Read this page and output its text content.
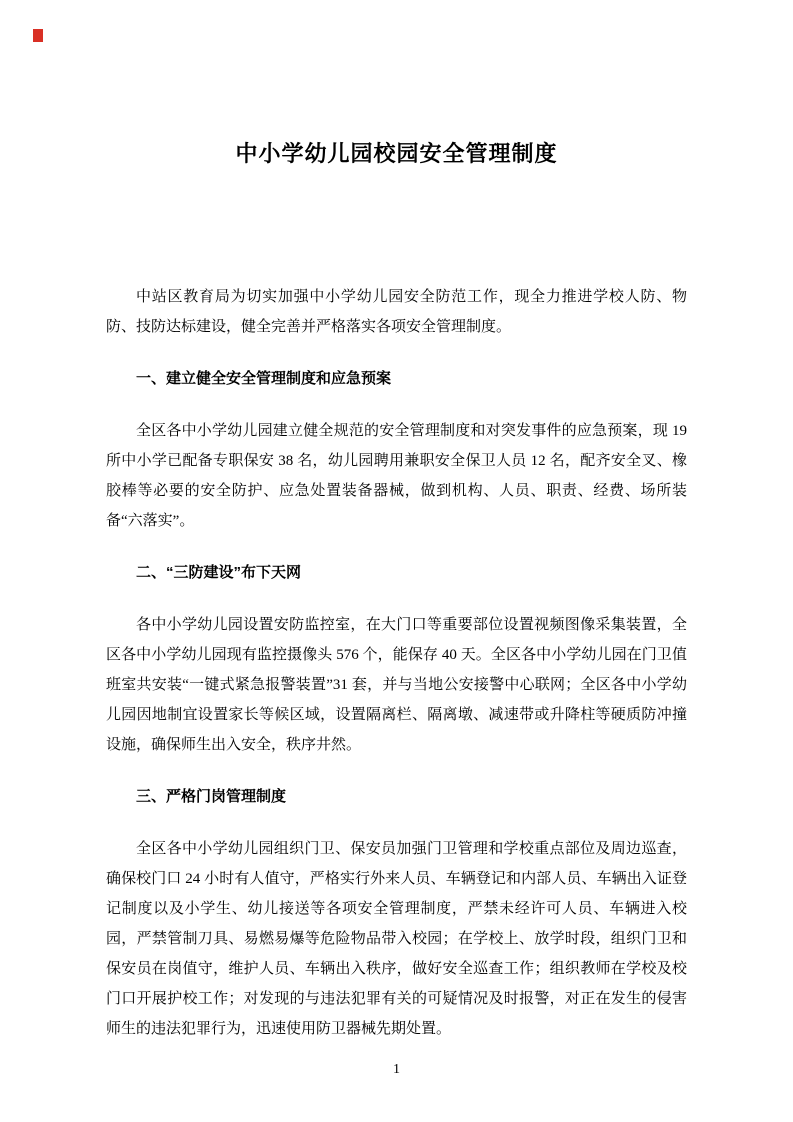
中小学幼儿园校园安全管理制度

中站区教育局为切实加强中小学幼儿园安全防范工作，现全力推进学校人防、物防、技防达标建设，健全完善并严格落实各项安全管理制度。

一、建立健全安全管理制度和应急预案

全区各中小学幼儿园建立健全规范的安全管理制度和对突发事件的应急预案，现 19 所中小学已配备专职保安 38 名，幼儿园聘用兼职安全保卫人员 12 名，配齐安全叉、橡胶棒等必要的安全防护、应急处置装备器械，做到机构、人员、职责、经费、场所装备“六落实”。

二、“三防建设”布下天网

各中小学幼儿园设置安防监控室，在大门口等重要部位设置视频图像采集装置，全区各中小学幼儿园现有监控摄像头 576 个，能保存 40 天。全区各中小学幼儿园在门卫值班室共安装“一键式紧急报警装置”31 套，并与当地公安接警中心联网；全区各中小学幼儿园因地制宜设置家长等候区域，设置隔离栏、隔离墩、减速带或升降柱等硬质防冲撞设施，确保师生出入安全，秩序井然。

三、严格门岗管理制度

全区各中小学幼儿园组织门卫、保安员加强门卫管理和学校重点部位及周边巡查，确保校门口 24 小时有人值守，严格实行外来人员、车辆登记和内部人员、车辆出入证登记制度以及小学生、幼儿接送等各项安全管理制度，严禁未经许可人员、车辆进入校园，严禁管制刀具、易燃易爆等危险物品带入校园；在学校上、放学时段，组织门卫和保安员在岗值守，维护人员、车辆出入秩序，做好安全巡查工作；组织教师在学校及校门口开展护校工作；对发现的与违法犯罪有关的可疑情况及时报警，对正在发生的侵害师生的违法犯罪行为，迅速使用防卫器械先期处置。

1
